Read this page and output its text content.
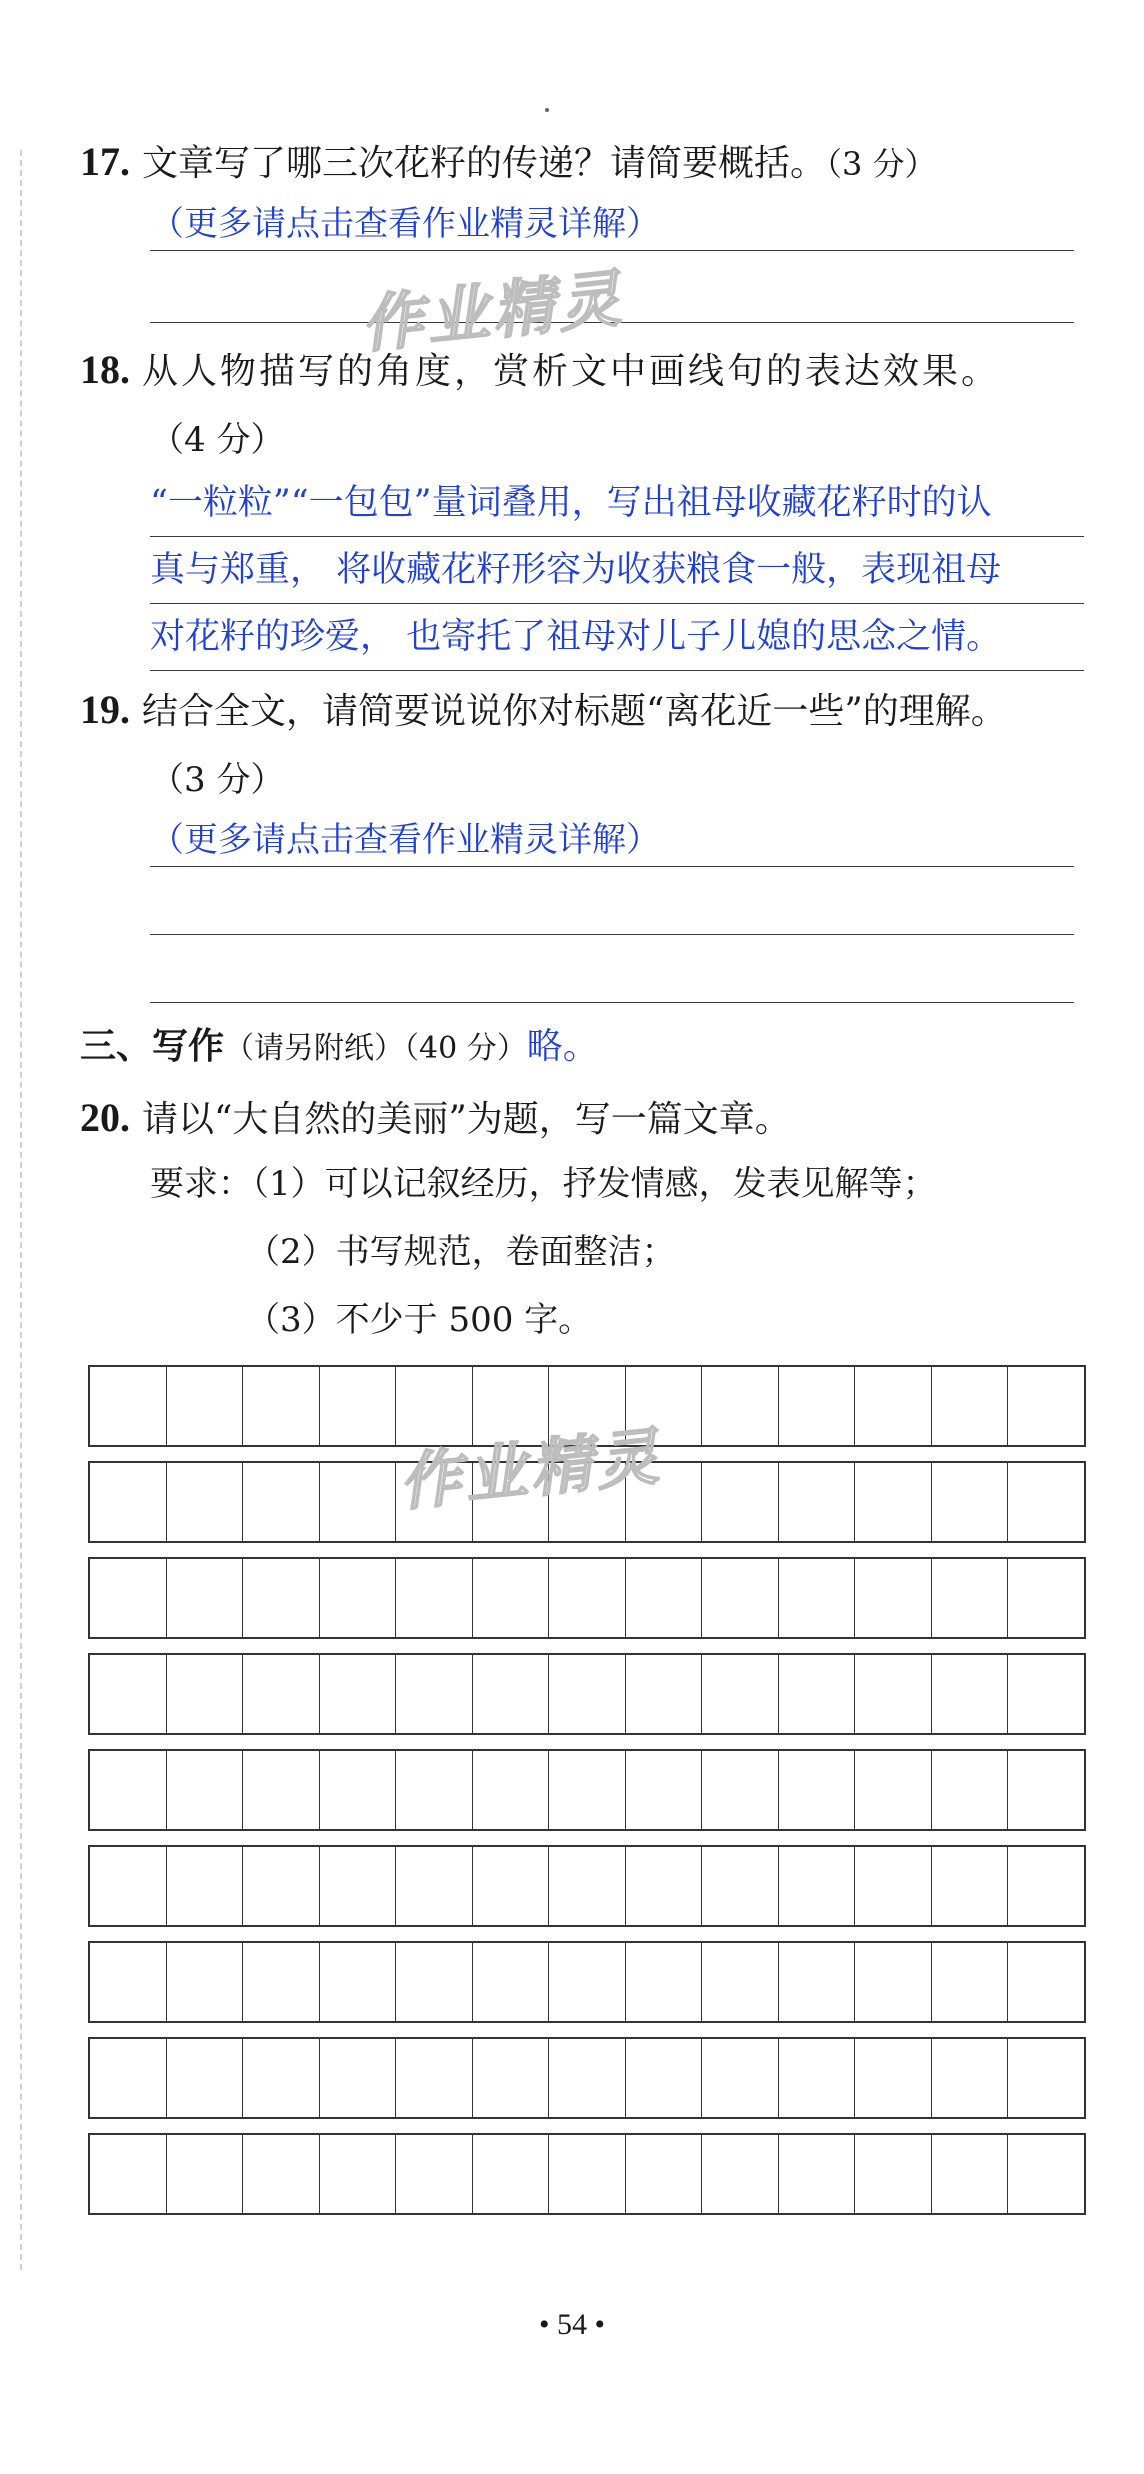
17. 文章写了哪三次花籽的传递？请简要概括。（3 分）
（更多请点击查看作业精灵详解）
作业精灵
18. 从人物描写的角度，赏析文中画线句的表达效果。
（4 分）
“一粒粒”“一包包”量词叠用，写出祖母收藏花籽时的认
真与郑重， 将收藏花籽形容为收获粮食一般，表现祖母
对花籽的珍爱， 也寄托了祖母对儿子儿媳的思念之情。
19. 结合全文，请简要说说你对标题“离花近一些”的理解。
（3 分）
（更多请点击查看作业精灵详解）
三、写作（请另附纸）（40 分）略。
20. 请以“大自然的美丽”为题，写一篇文章。
要求：（1）可以记叙经历，抒发情感，发表见解等；
（2）书写规范，卷面整洁；
（3）不少于 500 字。
作业精灵
• 54 •
